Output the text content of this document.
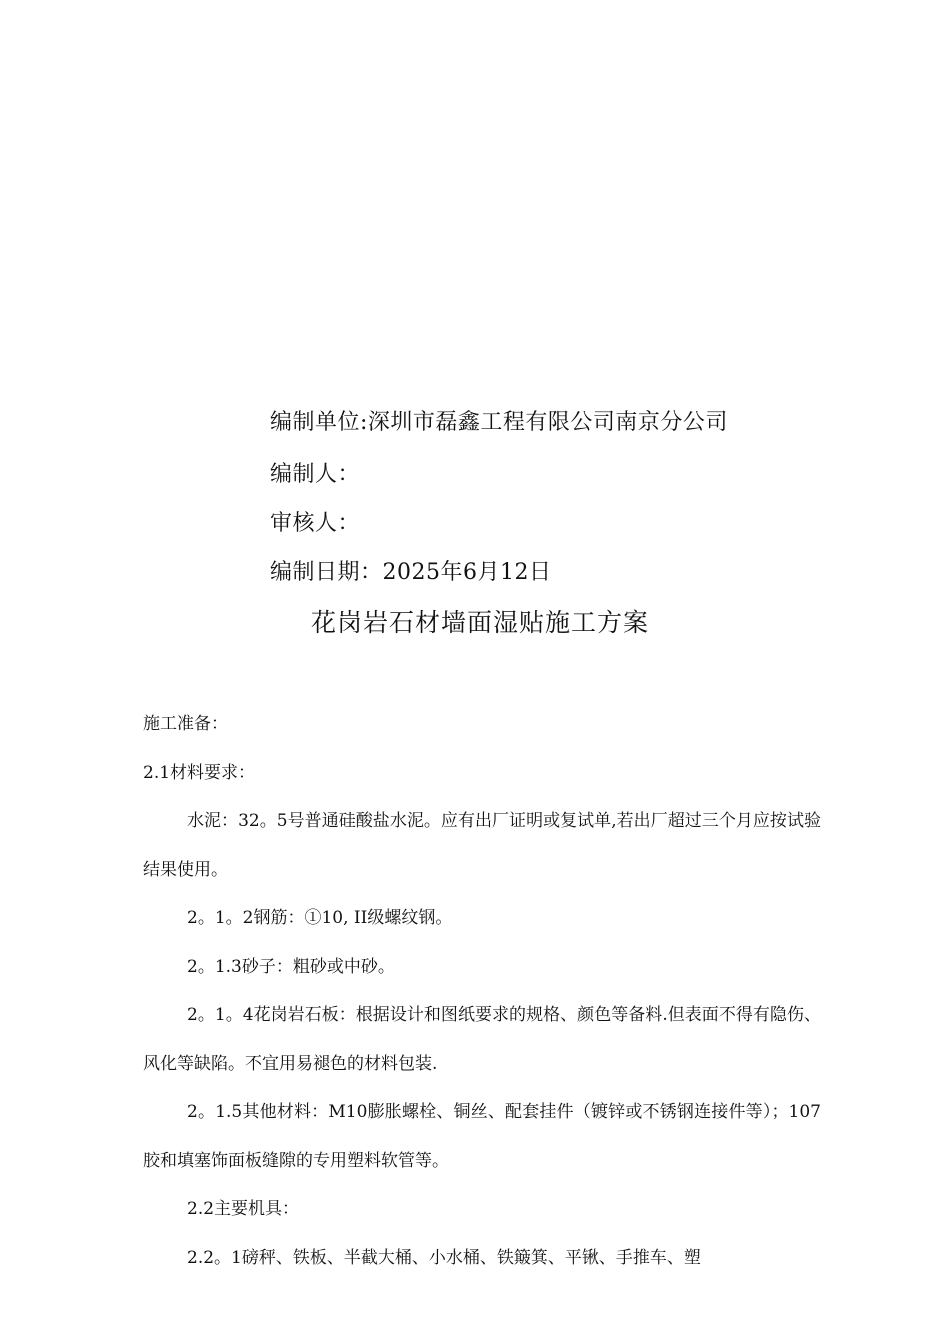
编制单位:深圳市磊鑫工程有限公司南京分公司
编制人：
审核人：
编制日期：2025年6月12日
花岗岩石材墙面湿贴施工方案

施工准备：

2.1材料要求：

水泥：32。5号普通硅酸盐水泥。应有出厂证明或复试单,若出厂超过三个月应按试验结果使用。

2。1。2钢筋：①10, II级螺纹钢。

2。1.3砂子：粗砂或中砂。

2。1。4花岗岩石板：根据设计和图纸要求的规格、颜色等备料.但表面不得有隐伤、风化等缺陷。不宜用易褪色的材料包装.

2。1.5其他材料：M10膨胀螺栓、铜丝、配套挂件（镀锌或不锈钢连接件等）；107胶和填塞饰面板缝隙的专用塑料软管等。

2.2主要机具：

2.2。1磅秤、铁板、半截大桶、小水桶、铁簸箕、平锹、手推车、塑
